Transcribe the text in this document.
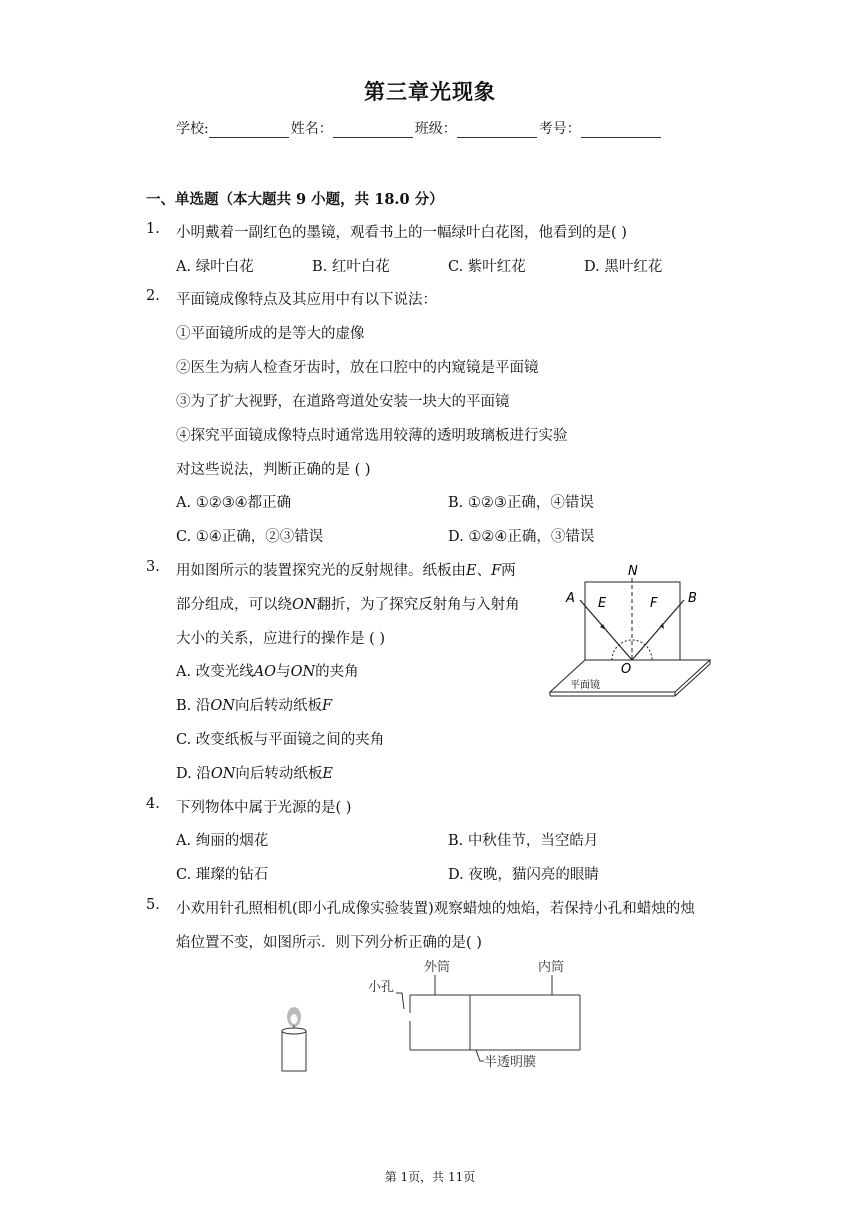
第三章光现象
学校:	姓名：	班级：	考号：
一、单选题（本大题共 9 小题，共 18.0 分）
1. 小明戴着一副红色的墨镜，观看书上的一幅绿叶白花图，他看到的是( )
A. 绿叶白花	B. 红叶白花	C. 紫叶红花	D. 黑叶红花
2. 平面镜成像特点及其应用中有以下说法：
①平面镜所成的是等大的虚像
②医生为病人检查牙齿时，放在口腔中的内窥镜是平面镜
③为了扩大视野，在道路弯道处安装一块大的平面镜
④探究平面镜成像特点时通常选用较薄的透明玻璃板进行实验
对这些说法，判断正确的是 ( )
A. ①②③④都正确	B. ①②③正确，④错误
C. ①④正确，②③错误	D. ①②④正确，③错误
3. 用如图所示的装置探究光的反射规律。纸板由E、F两
部分组成，可以绕ON翻折，为了探究反射角与入射角
大小的关系，应进行的操作是 ( )
A. 改变光线AO与ON的夹角
B. 沿ON向后转动纸板F
C. 改变纸板与平面镜之间的夹角
D. 沿ON向后转动纸板E
平面镜
N
A E	F B
O
4. 下列物体中属于光源的是( )
A. 绚丽的烟花	B. 中秋佳节，当空皓月
C. 璀璨的钻石	D. 夜晚，猫闪亮的眼睛
5. 小欢用针孔照相机(即小孔成像实验装置)观察蜡烛的烛焰，若保持小孔和蜡烛的烛
焰位置不变，如图所示．则下列分析正确的是( )
小孔
外筒	内筒
半透明膜
第 1页，共 11页
